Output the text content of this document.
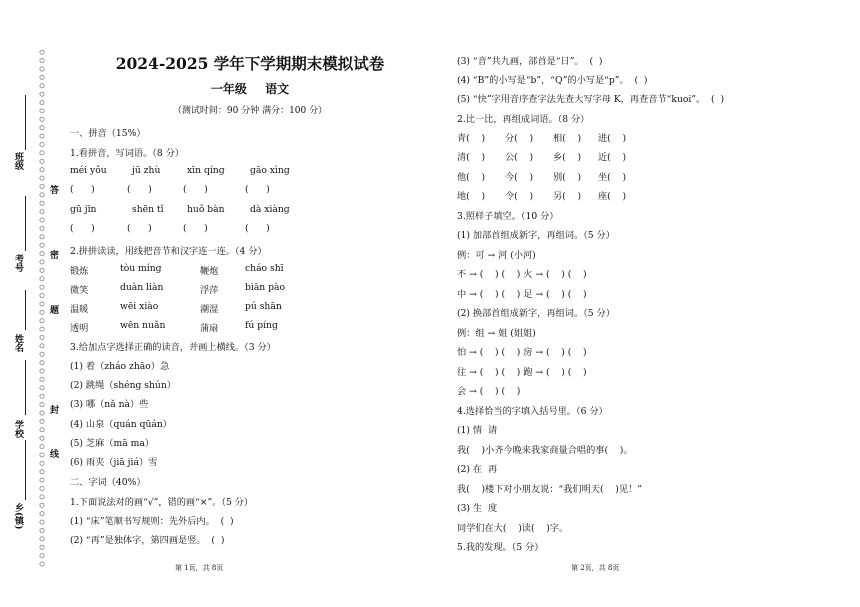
班级
考号
姓名
学校
乡(镇)
答
密
题
封
线
2024-2025 学年下学期期末模拟试卷
一年级 语文
（测试时间：90 分钟 满分：100 分）
一、拼音（15%）
1.看拼音，写词语。（8 分）
méi yǒu	jū zhù	xīn qíng	gāo xìng
(      )	(      )	(      )	(      )
gū jīn	shēn tǐ	huǒ bàn	dà xiàng
(      )	(      )	(      )	(      )
2.拼拼读读，用线把音节和汉字连一连。（4 分）
锻炼	tòu míng	鞭炮	cháo shī
微笑	duàn liàn	浮萍	biān pào
温暖	wēi xiào	潮湿	pú shān
透明	wēn nuǎn	蒲扇	fú píng
3.给加点字选择正确的读音，并画上横线。（3 分）
(1) 着（zháo zhāo）急
(2) 跳绳（shéng shún）
(3) 哪（nǎ nà）些
(4) 山泉（quán qūán）
(5) 芝麻（mā ma）
(6) 雨夹（jiā jiá）雪
二、字词（40%）
1.下面说法对的画“√”，错的画“×”。（5 分）
(1) “床”笔顺书写规则：先外后内。  (  )
(2) “再”是独体字，第四画是竖。  (  )
第 1页，共 8页
(3) “音”共九画，部首是“日”。  (  )
(4) “B”的小写是“b”，“Q”的小写是“p”。  (  )
(5) “快”字用音序查字法先查大写字母 K，再查音节“kuoi”。  (  )
2.比一比，再组成词语。（8 分）
青(    ) 分(    ) 相(    ) 进(    )
清(    ) 公(    ) 乡(    ) 近(    )
他(    ) 今(    ) 别(    ) 坐(    )
地(    ) 令(    ) 另(    ) 座(    )
3.照样子填空。（10 分）
(1) 加部首组成新字，再组词。（5 分）
例：可 → 河 (小河)
不 → (    ) (    ) 火 → (    ) (    )
中 → (    ) (    ) 足 → (    ) (    )
(2) 换部首组成新字，再组词。（5 分）
例：组 → 姐 (姐姐)
怕 → (    ) (    ) 房 → (    ) (    )
往 → (    ) (    ) 跑 → (    ) (    )
会 → (    ) (    )
4.选择恰当的字填入括号里。（6 分）
(1) 情  请
我(    )小齐今晚来我家商量合唱的事(    )。
(2) 在  再
我(    )楼下对小朋友说：“我们明天(    )见！”
(3) 生  度
同学们在大(    )读(    )字。
5.我的发现。（5 分）
第 2页，共 8页
